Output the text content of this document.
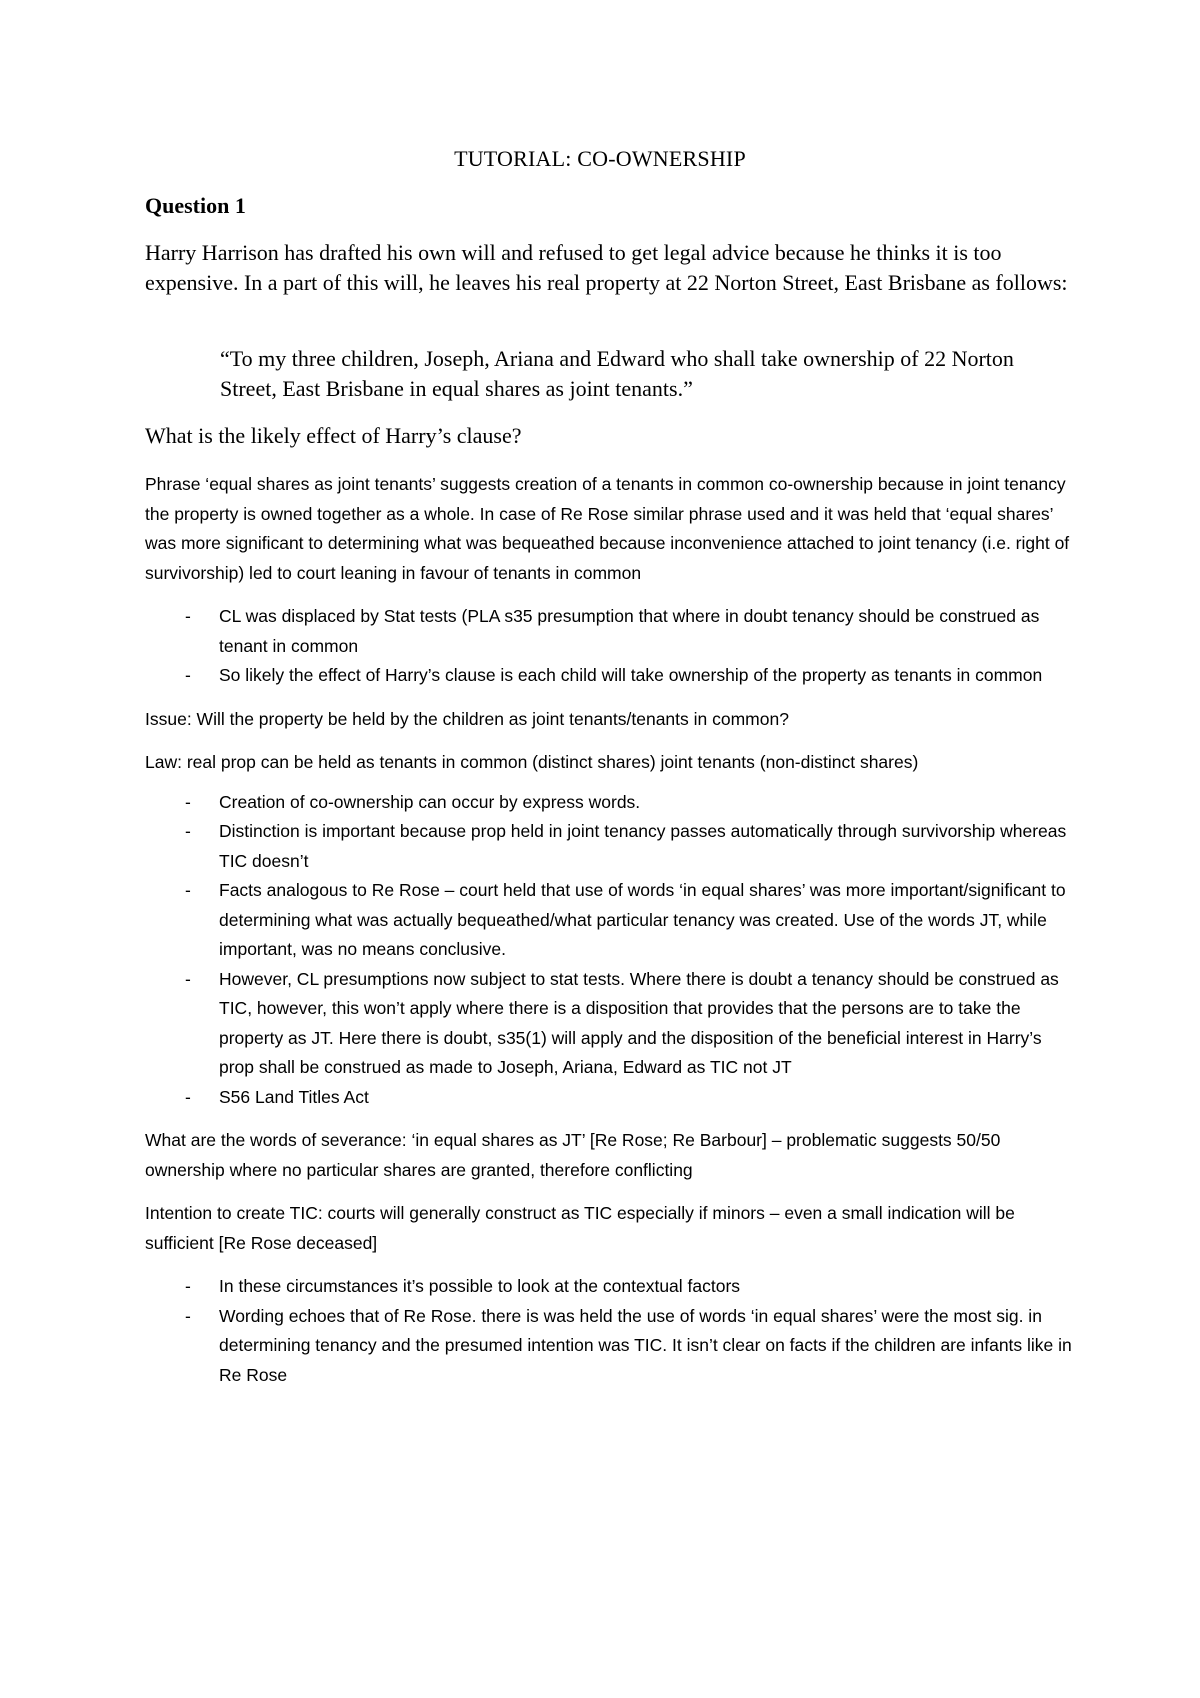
TUTORIAL: CO-OWNERSHIP
Question 1

Harry Harrison has drafted his own will and refused to get legal advice because he thinks it is too expensive. In a part of this will, he leaves his real property at 22 Norton Street, East Brisbane as follows:

“To my three children, Joseph, Ariana and Edward who shall take ownership of 22 Norton Street, East Brisbane in equal shares as joint tenants.”

What is the likely effect of Harry’s clause?

Phrase ‘equal shares as joint tenants’ suggests creation of a tenants in common co-ownership because in joint tenancy the property is owned together as a whole. In case of Re Rose similar phrase used and it was held that ‘equal shares’ was more significant to determining what was bequeathed because inconvenience attached to joint tenancy (i.e. right of survivorship) led to court leaning in favour of tenants in common

- CL was displaced by Stat tests (PLA s35 presumption that where in doubt tenancy should be construed as tenant in common
- So likely the effect of Harry’s clause is each child will take ownership of the property as tenants in common

Issue: Will the property be held by the children as joint tenants/tenants in common?

Law: real prop can be held as tenants in common (distinct shares) joint tenants (non-distinct shares)

- Creation of co-ownership can occur by express words.
- Distinction is important because prop held in joint tenancy passes automatically through survivorship whereas TIC doesn’t
- Facts analogous to Re Rose – court held that use of words ‘in equal shares’ was more important/significant to determining what was actually bequeathed/what particular tenancy was created. Use of the words JT, while important, was no means conclusive.
- However, CL presumptions now subject to stat tests. Where there is doubt a tenancy should be construed as TIC, however, this won’t apply where there is a disposition that provides that the persons are to take the property as JT. Here there is doubt, s35(1) will apply and the disposition of the beneficial interest in Harry’s prop shall be construed as made to Joseph, Ariana, Edward as TIC not JT
- S56 Land Titles Act

What are the words of severance: ‘in equal shares as JT’ [Re Rose; Re Barbour] – problematic suggests 50/50 ownership where no particular shares are granted, therefore conflicting

Intention to create TIC: courts will generally construct as TIC especially if minors – even a small indication will be sufficient [Re Rose deceased]

- In these circumstances it’s possible to look at the contextual factors
- Wording echoes that of Re Rose. there is was held the use of words ‘in equal shares’ were the most sig. in determining tenancy and the presumed intention was TIC. It isn’t clear on facts if the children are infants like in Re Rose
